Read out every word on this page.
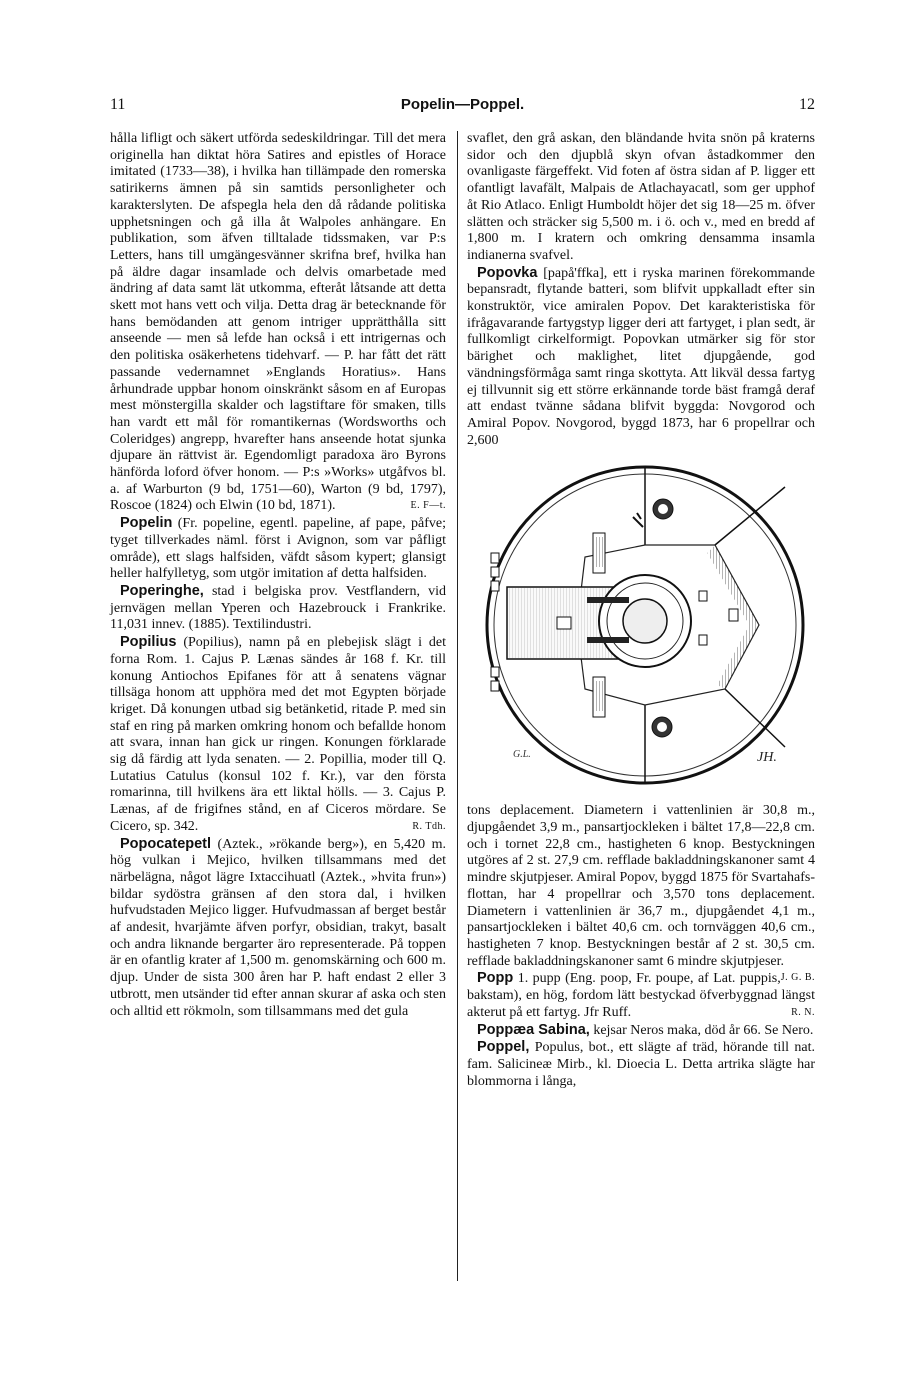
11	Popelin—Poppel.	12

hålla lifligt och säkert utförda sedeskildringar. Till det mera originella han diktat höra Satires and epistles of Horace imitated (1733—38), i hvilka han tillämpade den romerska satirikerns ämnen på sin samtids personligheter och karakterslyten. De afspegla hela den då rådande politiska upphetsningen och gå illa åt Walpoles anhängare. En publikation, som äfven tilltalade tidssmaken, var P:s Letters, hans till umgängesvänner skrifna bref, hvilka han på äldre dagar insamlade och delvis omarbetade med ändring af data samt lät utkomma, efteråt låtsande att detta skett mot hans vett och vilja. Detta drag är betecknande för hans bemödanden att genom intriger upprätthålla sitt anseende — men så lefde han också i ett intrigernas och den politiska osäkerhetens tidehvarf. — P. har fått det rätt passande vedernamnet »Englands Horatius». Hans århundrade uppbar honom oinskränkt såsom en af Europas mest mönstergilla skalder och lagstiftare för smaken, tills han vardt ett mål för romantikernas (Wordsworths och Coleridges) angrepp, hvarefter hans anseende hotat sjunka djupare än rättvist är. Egendomligt paradoxa äro Byrons hänförda loford öfver honom. — P:s »Works» utgåfvos bl. a. af Warburton (9 bd, 1751—60), Warton (9 bd, 1797), Roscoe (1824) och Elwin (10 bd, 1871).	E. F—t.

Popelin (Fr. popeline, egentl. papeline, af pape, påfve; tyget tillverkades näml. först i Avignon, som var påfligt område), ett slags halfsiden, väfdt såsom kypert; glansigt heller halfylletyg, som utgör imitation af detta halfsiden.

Poperinghe, stad i belgiska prov. Vestflandern, vid jernvägen mellan Yperen och Hazebrouck i Frankrike. 11,031 innev. (1885). Textilindustri.

Popilius (Popilius), namn på en plebejisk slägt i det forna Rom. 1. Cajus P. Lænas sändes år 168 f. Kr. till konung Antiochos Epifanes för att å senatens vägnar tillsäga honom att upphöra med det mot Egypten började kriget. Då konungen utbad sig betänketid, ritade P. med sin staf en ring på marken omkring honom och befallde honom att svara, innan han gick ur ringen. Konungen förklarade sig då färdig att lyda senaten. — 2. Popillia, moder till Q. Lutatius Catulus (konsul 102 f. Kr.), var den första romarinna, till hvilkens ära ett liktal hölls. — 3. Cajus P. Lænas, af de frigifnes stånd, en af Ciceros mördare. Se Cicero, sp. 342.	R. Tdh.

Popocatepetl (Aztek., »rökande berg»), en 5,420 m. hög vulkan i Mejico, hvilken tillsammans med det närbelägna, något lägre Ixtaccihuatl (Aztek., »hvita frun») bildar sydöstra gränsen af den stora dal, i hvilken hufvudstaden Mejico ligger. Hufvudmassan af berget består af andesit, hvarjämte äfven porfyr, obsidian, trakyt, basalt och andra liknande bergarter äro representerade. På toppen är en ofantlig krater af 1,500 m. genomskärning och 600 m. djup. Under de sista 300 åren har P. haft endast 2 eller 3 utbrott, men utsänder tid efter annan skurar af aska och sten och alltid ett rökmoln, som tillsammans med det gula

svaflet, den grå askan, den bländande hvita snön på kraterns sidor och den djupblå skyn ofvan åstadkommer den ovanligaste färgeffekt. Vid foten af östra sidan af P. ligger ett ofantligt lavafält, Malpais de Atlachayacatl, som ger upphof åt Rio Atlaco. Enligt Humboldt höjer det sig 18—25 m. öfver slätten och sträcker sig 5,500 m. i ö. och v., med en bredd af 1,800 m. I kratern och omkring densamma insamla indianerna svafvel.

Popovka [papå'ffka], ett i ryska marinen förekommande bepansradt, flytande batteri, som blifvit uppkalladt efter sin konstruktör, vice amiralen Popov. Det karakteristiska för ifrågavarande fartygstyp ligger deri att fartyget, i plan sedt, är fullkomligt cirkelformigt. Popovkan utmärker sig för stor bärighet och maklighet, litet djupgående, god vändningsförmåga samt ringa skottyta. Att likväl dessa fartyg ej tillvunnit sig ett större erkännande torde bäst framgå deraf att endast tvänne sådana blifvit byggda: Novgorod och Amiral Popov. Novgorod, byggd 1873, har 6 propellrar och 2,600

G.L.	JH.

tons deplacement. Diametern i vattenlinien är 30,8 m., djupgåendet 3,9 m., pansartjockleken i bältet 17,8—22,8 cm. och i tornet 22,8 cm., hastigheten 6 knop. Bestyckningen utgöres af 2 st. 27,9 cm. refflade bakladdningskanoner samt 4 mindre skjutpjeser. Amiral Popov, byggd 1875 för Svartahafs-flottan, har 4 propellrar och 3,570 tons deplacement. Diametern i vattenlinien är 36,7 m., djupgåendet 4,1 m., pansartjockleken i bältet 40,6 cm. och tornväggen 40,6 cm., hastigheten 7 knop. Bestyckningen består af 2 st. 30,5 cm. refflade bakladdningskanoner samt 6 mindre skjutpjeser.
J. G. B.

Popp 1. pupp (Eng. poop, Fr. poupe, af Lat. puppis, bakstam), en hög, fordom lätt bestyckad öfverbyggnad längst akterut på ett fartyg. Jfr Ruff.	R. N.

Poppæa Sabina, kejsar Neros maka, död år 66. Se Nero.

Poppel, Populus, bot., ett slägte af träd, hörande till nat. fam. Salicineæ Mirb., kl. Dioecia L. Detta artrika slägte har blommorna i långa,
